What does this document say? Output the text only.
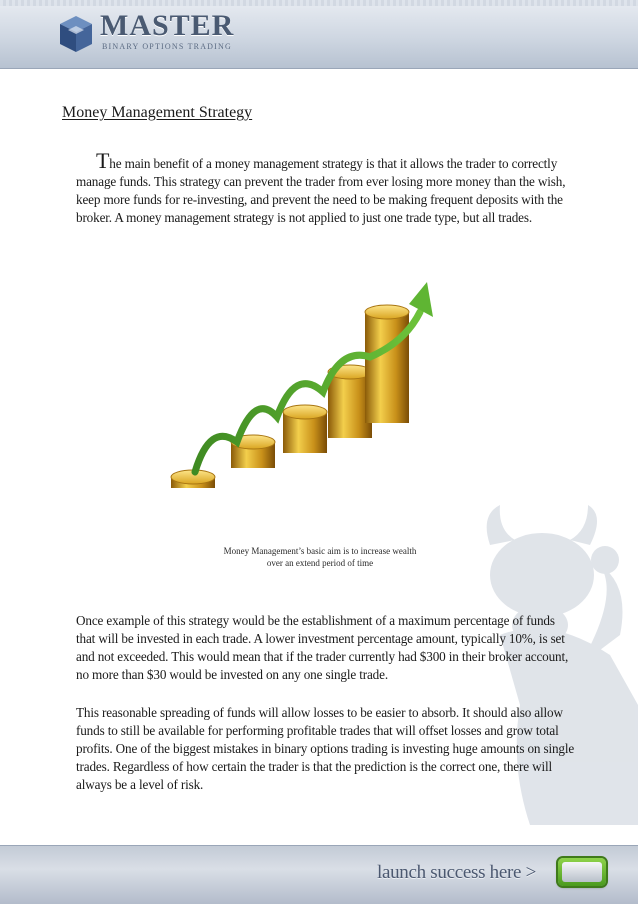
MASTER
BINARY OPTIONS TRADING
Money Management Strategy
The main benefit of a money management strategy is that it allows the trader to correctly manage funds. This strategy can prevent the trader from ever losing more money than the wish, keep more funds for re-investing, and prevent the need to be making frequent deposits with the broker. A money management strategy is not applied to just one trade type, but all trades.
Money Management’s basic aim is to increase wealth
over an extend period of time
Once example of this strategy would be the establishment of a maximum percentage of funds that will be invested in each trade. A lower investment percentage amount, typically 10%, is set and not exceeded. This would mean that if the trader currently had $300 in their broker account, no more than $30 would be invested on any one single trade.
This reasonable spreading of funds will allow losses to be easier to absorb. It should also allow funds to still be available for performing profitable trades that will offset losses and grow total profits. One of the biggest mistakes in binary options trading is investing huge amounts on single trades. Regardless of how certain the trader is that the prediction is the correct one, there will always be a level of risk.
launch success here >
